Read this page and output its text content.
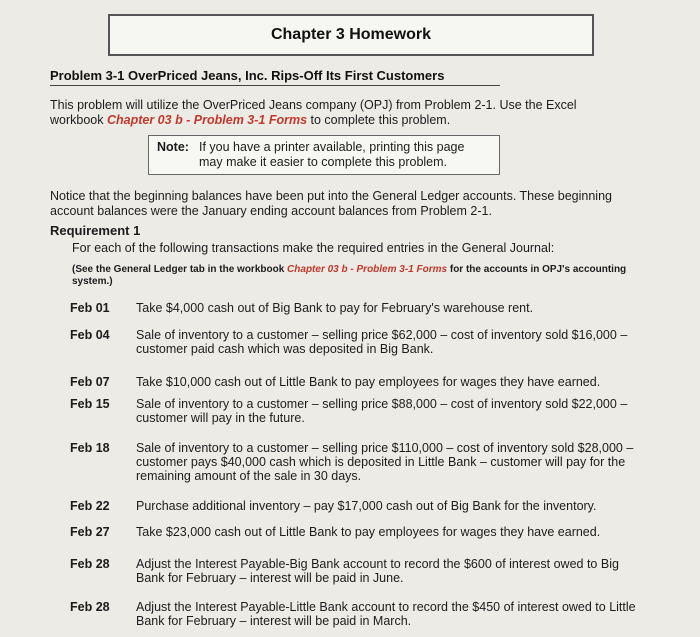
Chapter 3 Homework
Problem 3-1 OverPriced Jeans, Inc. Rips-Off Its First Customers
This problem will utilize the OverPriced Jeans company (OPJ) from Problem 2-1. Use the Excel workbook Chapter 03 b - Problem 3-1 Forms to complete this problem.
Note: If you have a printer available, printing this page may make it easier to complete this problem.
Notice that the beginning balances have been put into the General Ledger accounts. These beginning account balances were the January ending account balances from Problem 2-1.
Requirement 1
For each of the following transactions make the required entries in the General Journal:
(See the General Ledger tab in the workbook Chapter 03 b - Problem 3-1 Forms for the accounts in OPJ's accounting system.)
Feb 01	Take $4,000 cash out of Big Bank to pay for February's warehouse rent.
Feb 04	Sale of inventory to a customer – selling price $62,000 – cost of inventory sold $16,000 – customer paid cash which was deposited in Big Bank.
Feb 07	Take $10,000 cash out of Little Bank to pay employees for wages they have earned.
Feb 15	Sale of inventory to a customer – selling price $88,000 – cost of inventory sold $22,000 – customer will pay in the future.
Feb 18	Sale of inventory to a customer – selling price $110,000 – cost of inventory sold $28,000 – customer pays $40,000 cash which is deposited in Little Bank – customer will pay for the remaining amount of the sale in 30 days.
Feb 22	Purchase additional inventory – pay $17,000 cash out of Big Bank for the inventory.
Feb 27	Take $23,000 cash out of Little Bank to pay employees for wages they have earned.
Feb 28	Adjust the Interest Payable-Big Bank account to record the $600 of interest owed to Big Bank for February – interest will be paid in June.
Feb 28	Adjust the Interest Payable-Little Bank account to record the $450 of interest owed to Little Bank for February – interest will be paid in March.
